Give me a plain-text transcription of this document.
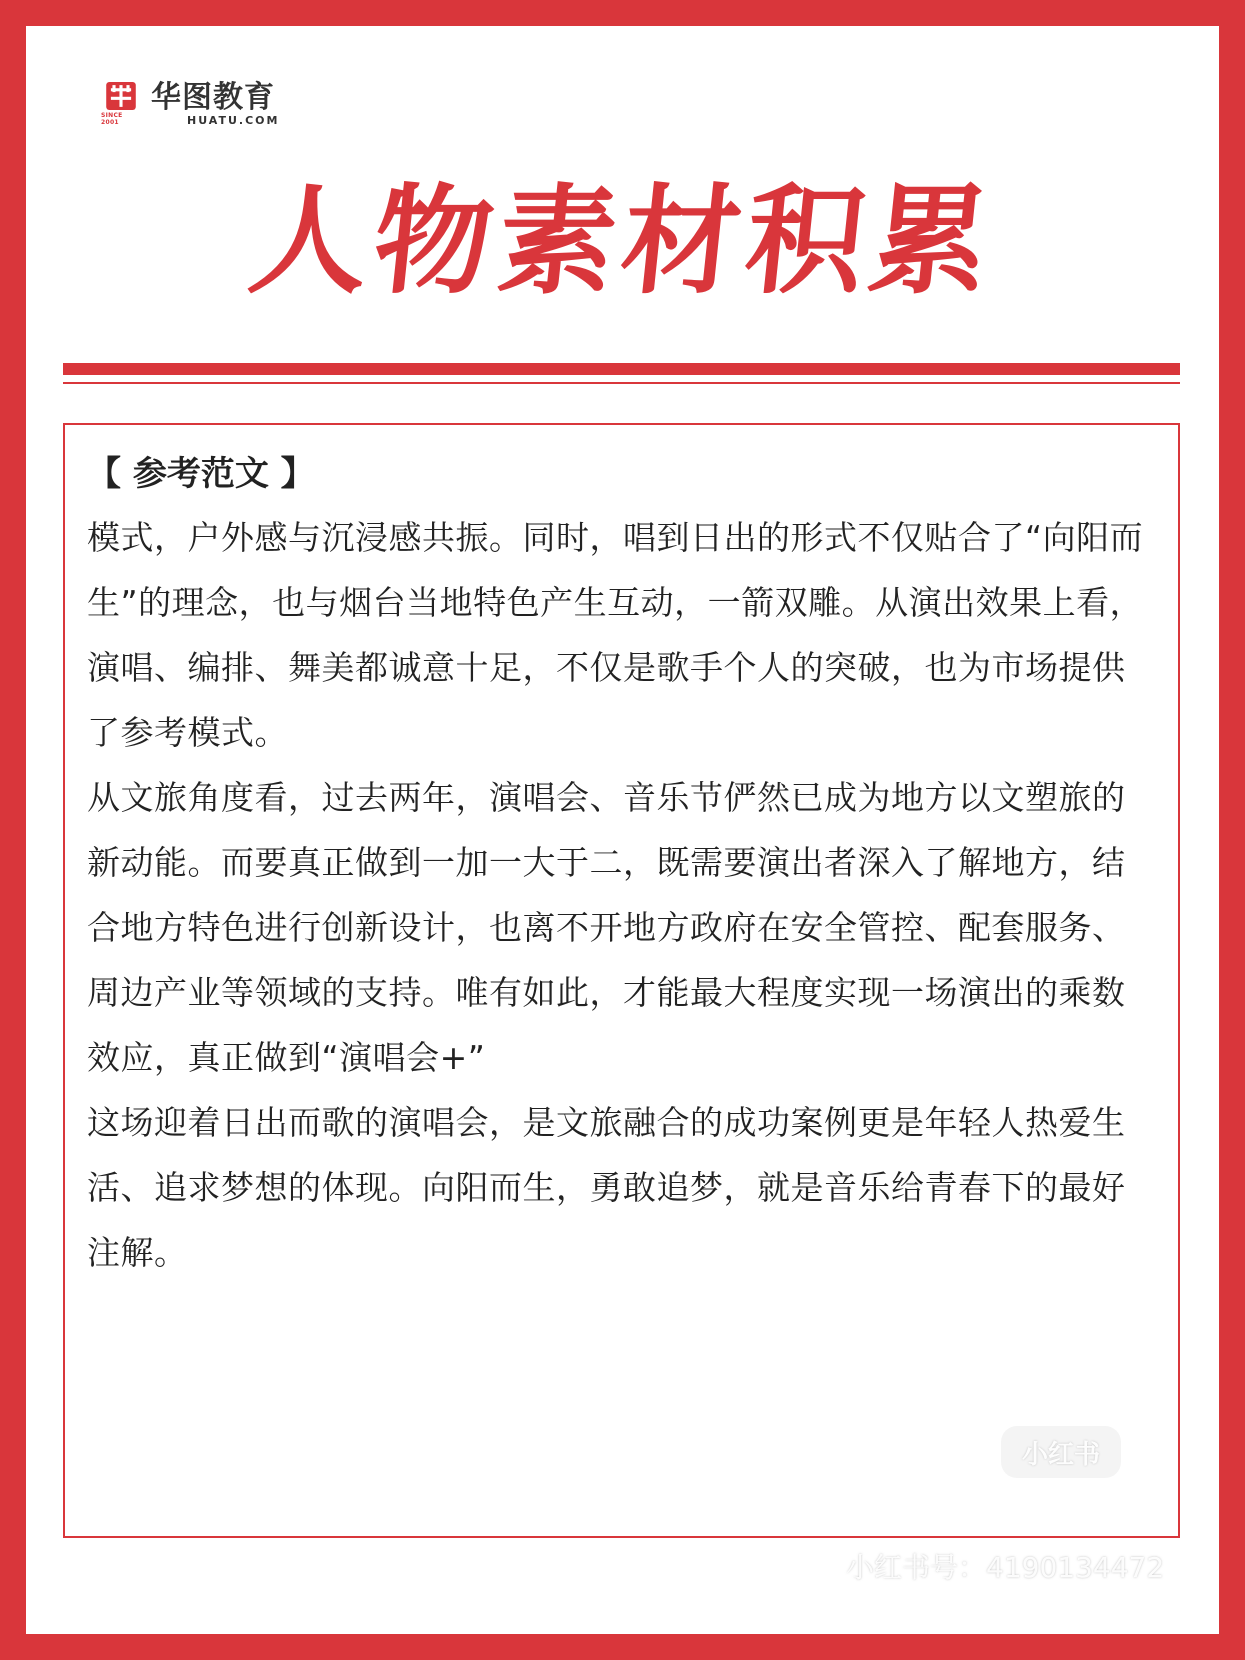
SINCE 2001
华图教育
HUATU.COM
人物素材积累
【 参考范文 】

模式，户外感与沉浸感共振。同时，唱到日出的形式不仅贴合了“向阳而生”的理念，也与烟台当地特色产生互动，一箭双雕。从演出效果上看，演唱、编排、舞美都诚意十足，不仅是歌手个人的突破，也为市场提供了参考模式。

从文旅角度看，过去两年，演唱会、音乐节俨然已成为地方以文塑旅的新动能。而要真正做到一加一大于二，既需要演出者深入了解地方，结合地方特色进行创新设计，也离不开地方政府在安全管控、配套服务、周边产业等领域的支持。唯有如此，才能最大程度实现一场演出的乘数效应，真正做到“演唱会+”

这场迎着日出而歌的演唱会，是文旅融合的成功案例更是年轻人热爱生活、追求梦想的体现。向阳而生，勇敢追梦，就是音乐给青春下的最好注解。

小红书
小红书号：4190134472
